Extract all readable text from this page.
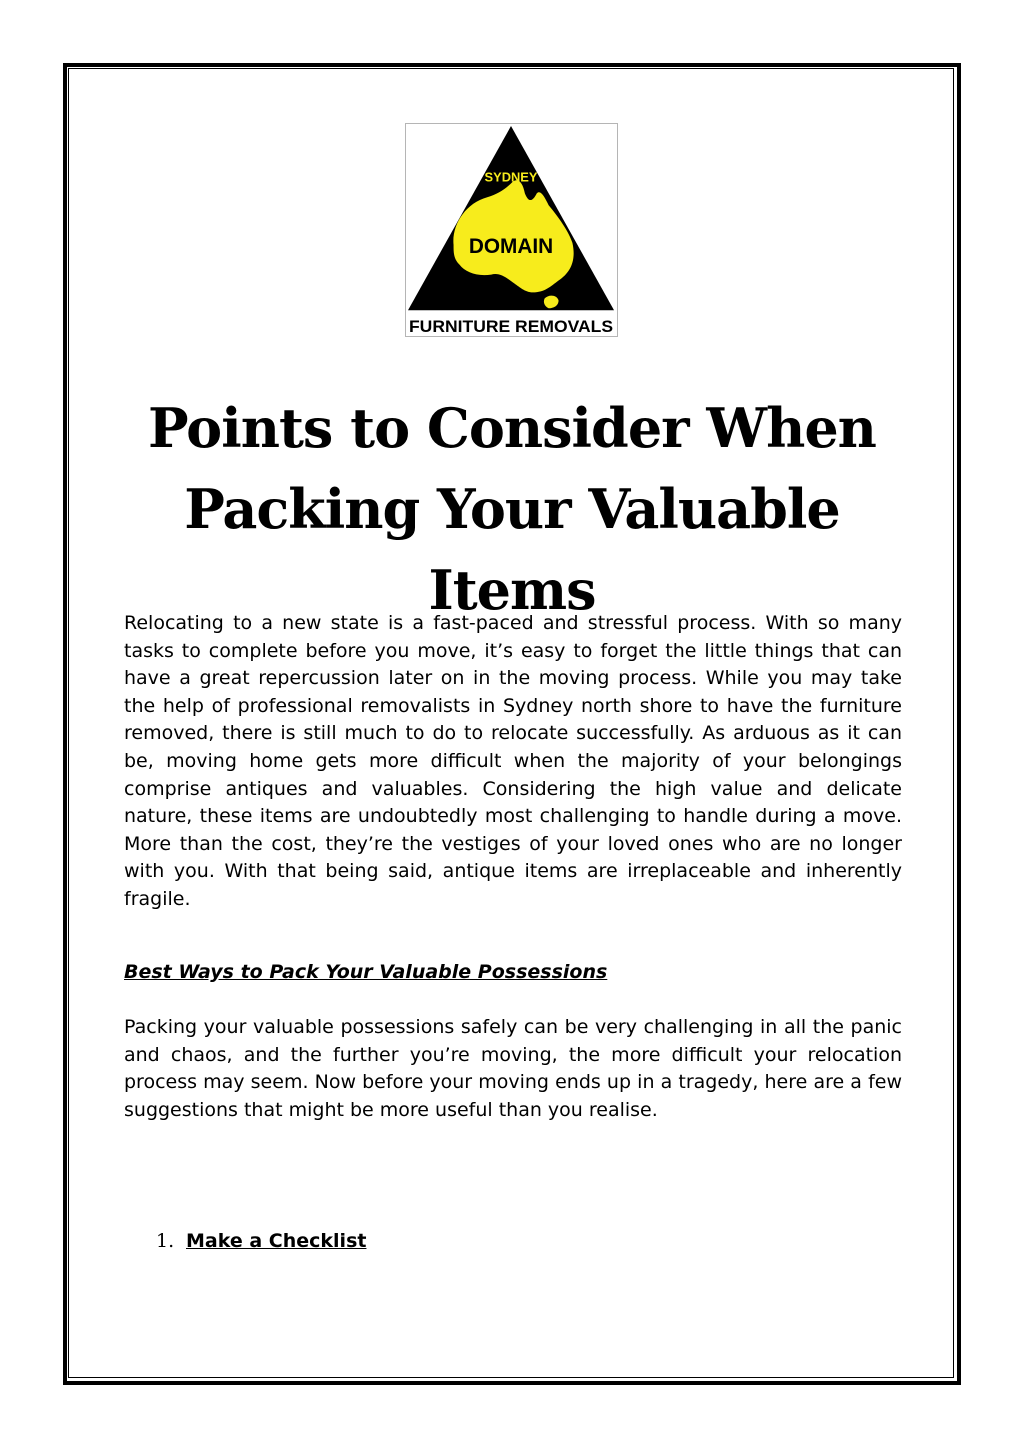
SYDNEY
DOMAIN
FURNITURE REMOVALS
Points to Consider When
Packing Your Valuable Items

Relocating to a new state is a fast-paced and stressful process. With so many tasks to complete before you move, it’s easy to forget the little things that can have a great repercussion later on in the moving process. While you may take the help of professional removalists in Sydney north shore to have the furniture removed, there is still much to do to relocate successfully. As arduous as it can be, moving home gets more difficult when the majority of your belongings comprise antiques and valuables. Considering the high value and delicate nature, these items are undoubtedly most challenging to handle during a move. More than the cost, they’re the vestiges of your loved ones who are no longer with you. With that being said, antique items are irreplaceable and inherently fragile.

Best Ways to Pack Your Valuable Possessions

Packing your valuable possessions safely can be very challenging in all the panic and chaos, and the further you’re moving, the more difficult your relocation process may seem. Now before your moving ends up in a tragedy, here are a few suggestions that might be more useful than you realise.

1. Make a Checklist
